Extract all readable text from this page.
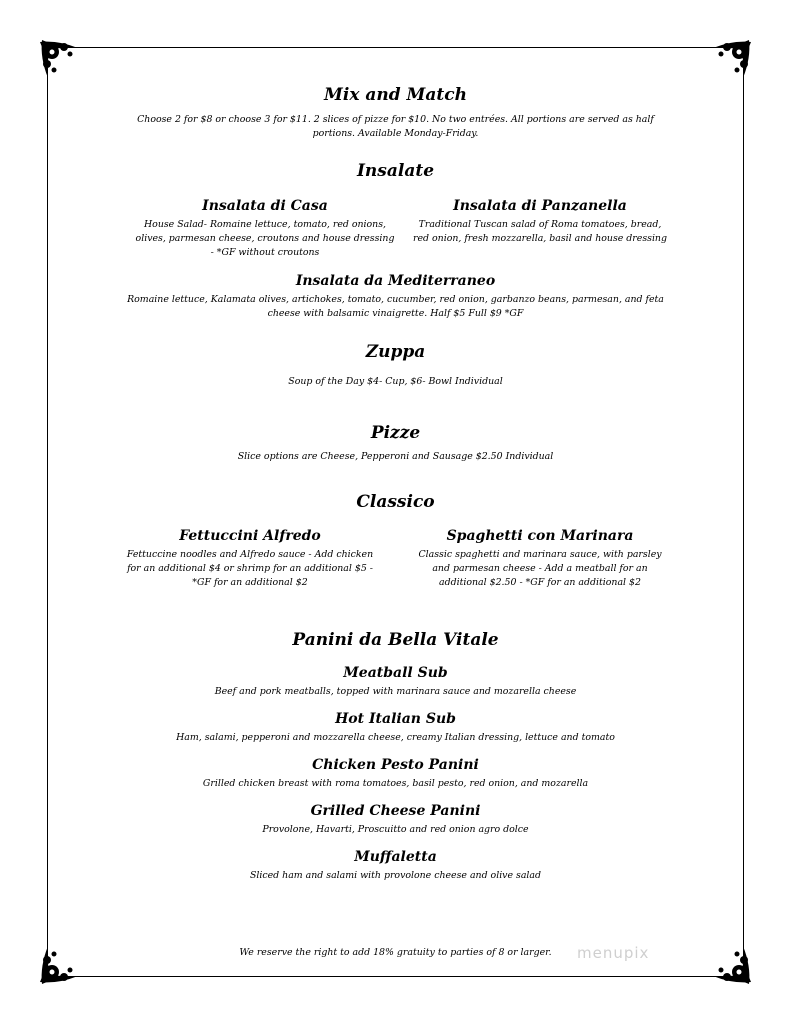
Mix and Match
Choose 2 for $8 or choose 3 for $11. 2 slices of pizze for $10. No two entrées. All portions are served as half
portions. Available Monday-Friday.
Insalate
Insalata di Casa
House Salad- Romaine lettuce, tomato, red onions,
olives, parmesan cheese, croutons and house dressing
- *GF without croutons
Insalata di Panzanella
Traditional Tuscan salad of Roma tomatoes, bread,
red onion, fresh mozzarella, basil and house dressing
Insalata da Mediterraneo
Romaine lettuce, Kalamata olives, artichokes, tomato, cucumber, red onion, garbanzo beans, parmesan, and feta
cheese with balsamic vinaigrette. Half $5 Full $9 *GF
Zuppa
Soup of the Day $4- Cup, $6- Bowl Individual
Pizze
Slice options are Cheese, Pepperoni and Sausage $2.50 Individual
Classico
Fettuccini Alfredo
Fettuccine noodles and Alfredo sauce - Add chicken
for an additional $4 or shrimp for an additional $5 -
*GF for an additional $2
Spaghetti con Marinara
Classic spaghetti and marinara sauce, with parsley
and parmesan cheese - Add a meatball for an
additional $2.50 - *GF for an additional $2
Panini da Bella Vitale
Meatball Sub
Beef and pork meatballs, topped with marinara sauce and mozarella cheese
Hot Italian Sub
Ham, salami, pepperoni and mozzarella cheese, creamy Italian dressing, lettuce and tomato
Chicken Pesto Panini
Grilled chicken breast with roma tomatoes, basil pesto, red onion, and mozarella
Grilled Cheese Panini
Provolone, Havarti, Proscuitto and red onion agro dolce
Muffaletta
Sliced ham and salami with provolone cheese and olive salad
We reserve the right to add 18% gratuity to parties of 8 or larger.	menupix
